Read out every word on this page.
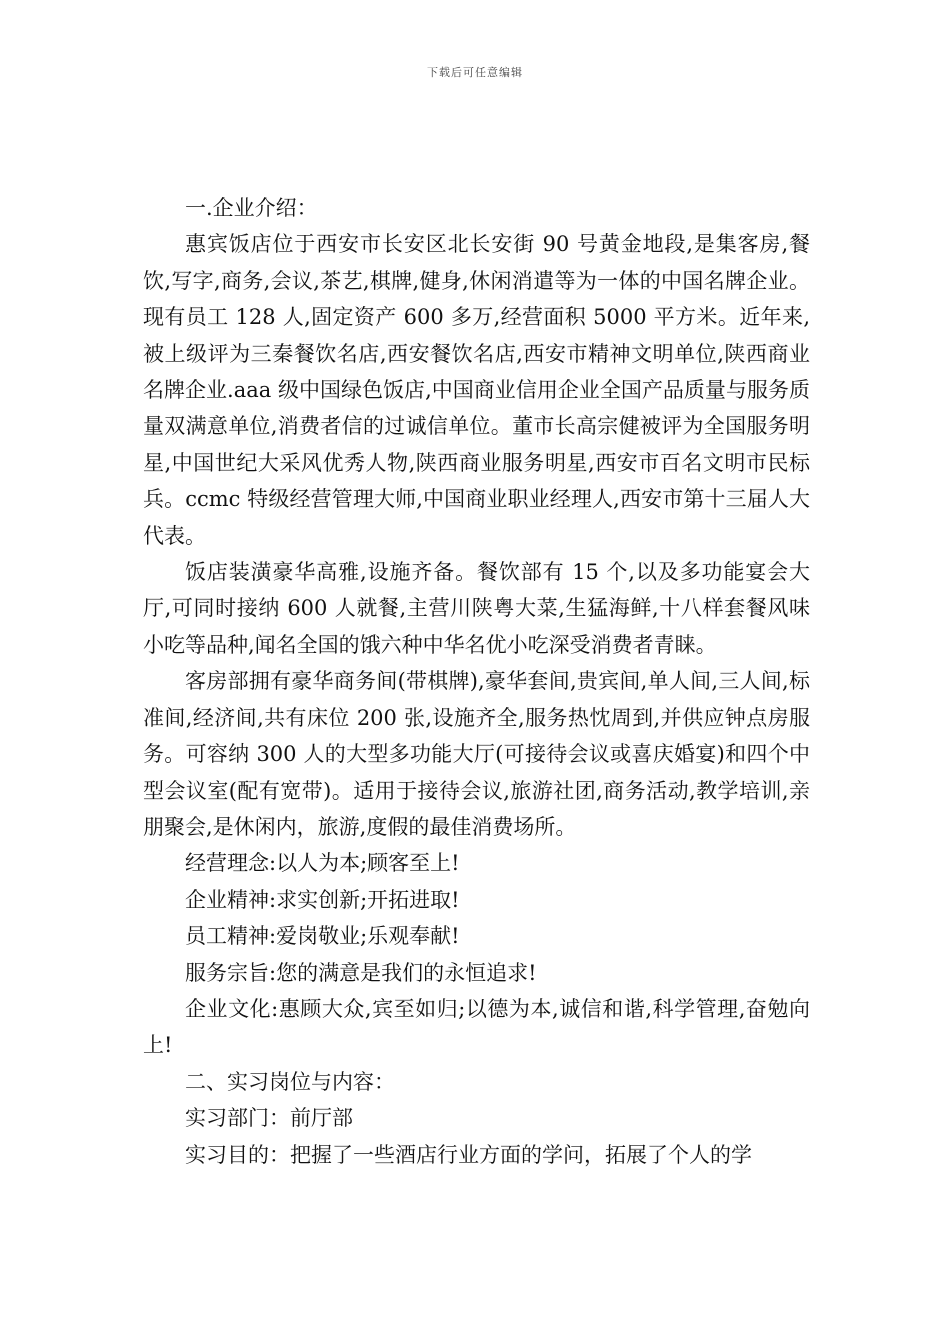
下载后可任意编辑

一.企业介绍：

惠宾饭店位于西安市长安区北长安街 90 号黄金地段,是集客房,餐饮,写字,商务,会议,茶艺,棋牌,健身,休闲消遣等为一体的中国名牌企业。现有员工 128 人,固定资产 600 多万,经营面积 5000 平方米。近年来,被上级评为三秦餐饮名店,西安餐饮名店,西安市精神文明单位,陕西商业名牌企业.aaa 级中国绿色饭店,中国商业信用企业全国产品质量与服务质量双满意单位,消费者信的过诚信单位。董市长高宗健被评为全国服务明星,中国世纪大采风优秀人物,陕西商业服务明星,西安市百名文明市民标兵。ccmc 特级经营管理大师,中国商业职业经理人,西安市第十三届人大代表。

饭店装潢豪华高雅,设施齐备。餐饮部有 15 个,以及多功能宴会大厅,可同时接纳 600 人就餐,主营川陕粤大菜,生猛海鲜,十八样套餐风味小吃等品种,闻名全国的饿六种中华名优小吃深受消费者青睐。

客房部拥有豪华商务间(带棋牌),豪华套间,贵宾间,单人间,三人间,标准间,经济间,共有床位 200 张,设施齐全,服务热忱周到,并供应钟点房服务。可容纳 300 人的大型多功能大厅(可接待会议或喜庆婚宴)和四个中型会议室(配有宽带)。适用于接待会议,旅游社团,商务活动,教学培训,亲朋聚会,是休闲内，旅游,度假的最佳消费场所。

经营理念:以人为本;顾客至上!

企业精神:求实创新;开拓进取!

员工精神:爱岗敬业;乐观奉献!

服务宗旨:您的满意是我们的永恒追求!

企业文化:惠顾大众,宾至如归;以德为本,诚信和谐,科学管理,奋勉向上!

二、实习岗位与内容：

实习部门：前厅部

实习目的：把握了一些酒店行业方面的学问，拓展了个人的学
